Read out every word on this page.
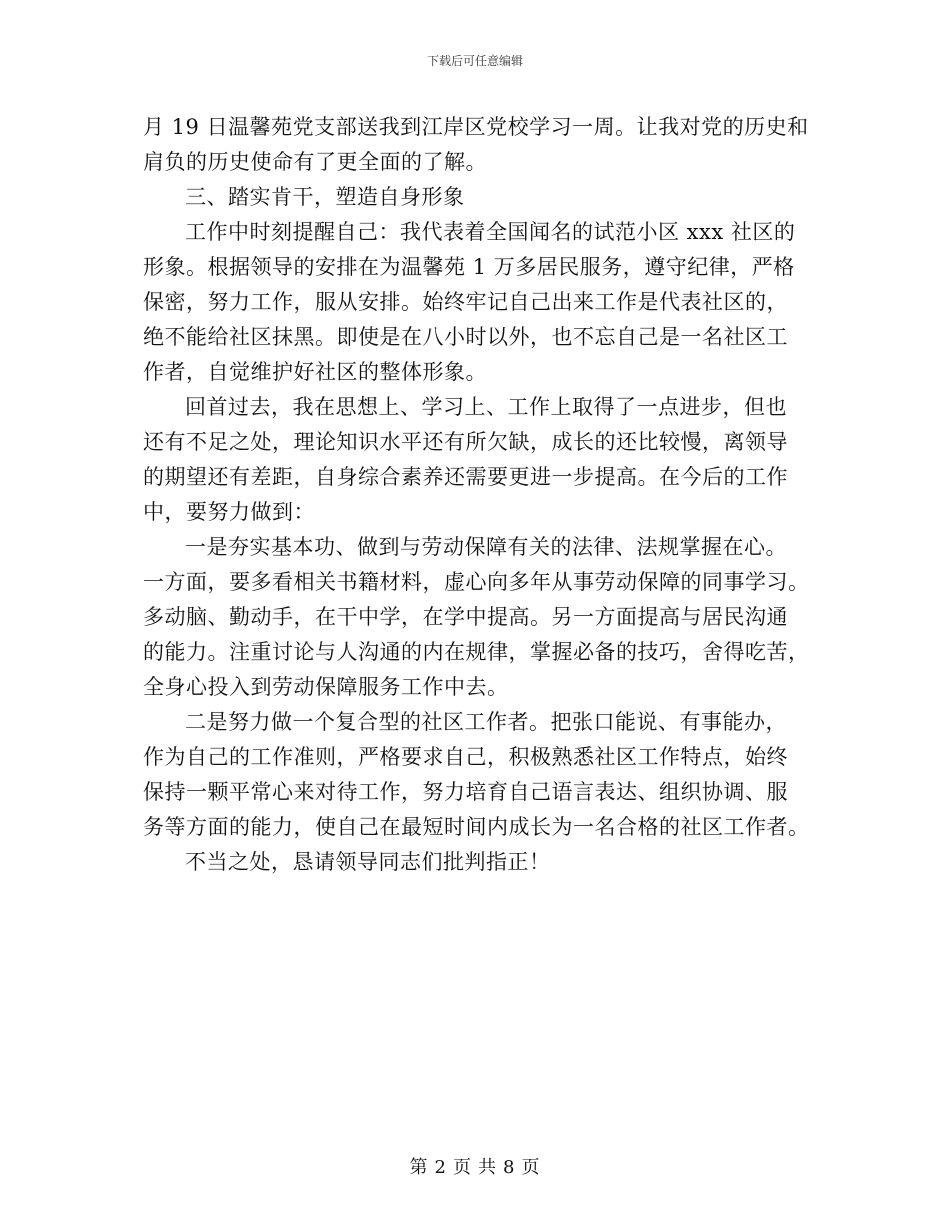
下载后可任意编辑
月 19 日温馨苑党支部送我到江岸区党校学习一周。让我对党的历史和
肩负的历史使命有了更全面的了解。
三、踏实肯干，塑造自身形象
工作中时刻提醒自己：我代表着全国闻名的试范小区 xxx 社区的
形象。根据领导的安排在为温馨苑 1 万多居民服务，遵守纪律，严格
保密，努力工作，服从安排。始终牢记自己出来工作是代表社区的，
绝不能给社区抹黑。即使是在八小时以外，也不忘自己是一名社区工
作者，自觉维护好社区的整体形象。
回首过去，我在思想上、学习上、工作上取得了一点进步，但也
还有不足之处，理论知识水平还有所欠缺，成长的还比较慢，离领导
的期望还有差距，自身综合素养还需要更进一步提高。在今后的工作
中，要努力做到：
一是夯实基本功、做到与劳动保障有关的法律、法规掌握在心。
一方面，要多看相关书籍材料，虚心向多年从事劳动保障的同事学习。
多动脑、勤动手，在干中学，在学中提高。另一方面提高与居民沟通
的能力。注重讨论与人沟通的内在规律，掌握必备的技巧，舍得吃苦，
全身心投入到劳动保障服务工作中去。
二是努力做一个复合型的社区工作者。把张口能说、有事能办，
作为自己的工作准则，严格要求自己，积极熟悉社区工作特点，始终
保持一颗平常心来对待工作，努力培育自己语言表达、组织协调、服
务等方面的能力，使自己在最短时间内成长为一名合格的社区工作者。
不当之处，恳请领导同志们批判指正！
第 2 页 共 8 页
